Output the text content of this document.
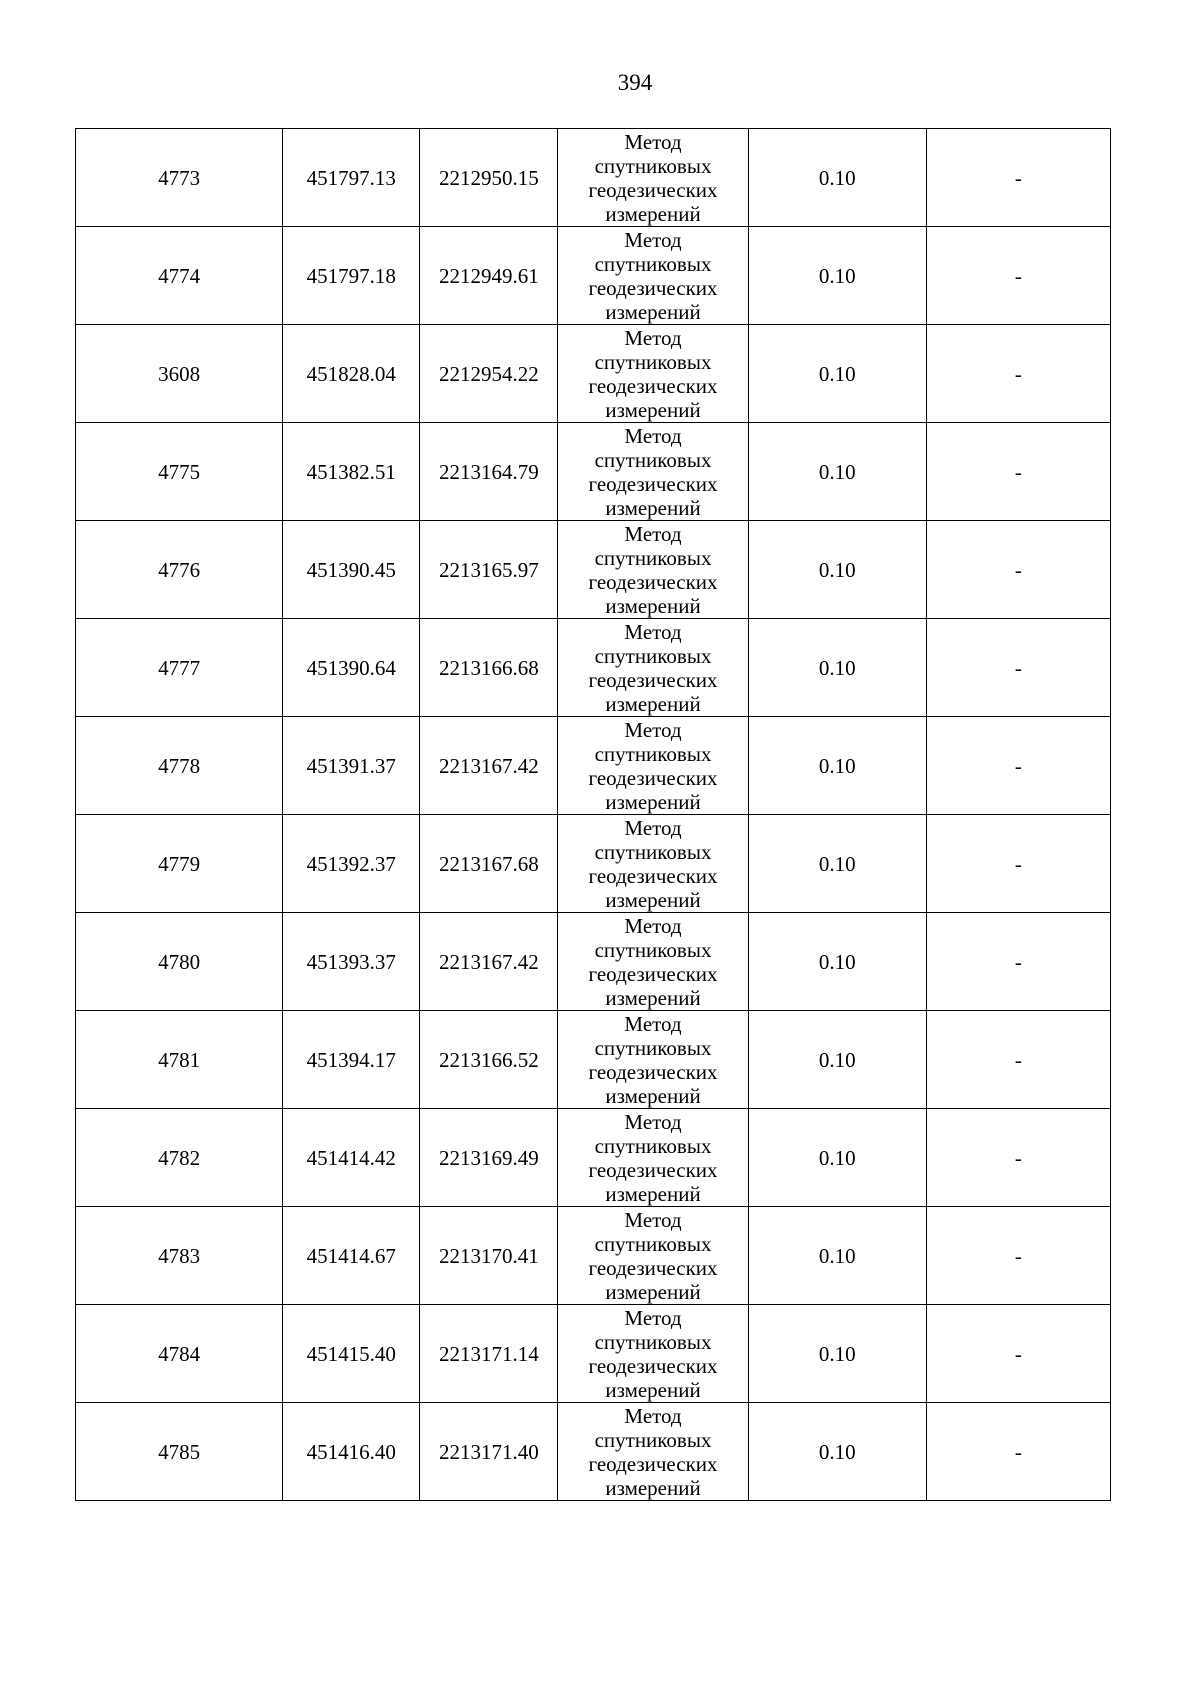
394
4773	451797.13	2212950.15	Метод
спутниковых
геодезических
измерений	0.10	-
4774	451797.18	2212949.61	Метод
спутниковых
геодезических
измерений	0.10	-
3608	451828.04	2212954.22	Метод
спутниковых
геодезических
измерений	0.10	-
4775	451382.51	2213164.79	Метод
спутниковых
геодезических
измерений	0.10	-
4776	451390.45	2213165.97	Метод
спутниковых
геодезических
измерений	0.10	-
4777	451390.64	2213166.68	Метод
спутниковых
геодезических
измерений	0.10	-
4778	451391.37	2213167.42	Метод
спутниковых
геодезических
измерений	0.10	-
4779	451392.37	2213167.68	Метод
спутниковых
геодезических
измерений	0.10	-
4780	451393.37	2213167.42	Метод
спутниковых
геодезических
измерений	0.10	-
4781	451394.17	2213166.52	Метод
спутниковых
геодезических
измерений	0.10	-
4782	451414.42	2213169.49	Метод
спутниковых
геодезических
измерений	0.10	-
4783	451414.67	2213170.41	Метод
спутниковых
геодезических
измерений	0.10	-
4784	451415.40	2213171.14	Метод
спутниковых
геодезических
измерений	0.10	-
4785	451416.40	2213171.40	Метод
спутниковых
геодезических
измерений	0.10	-
